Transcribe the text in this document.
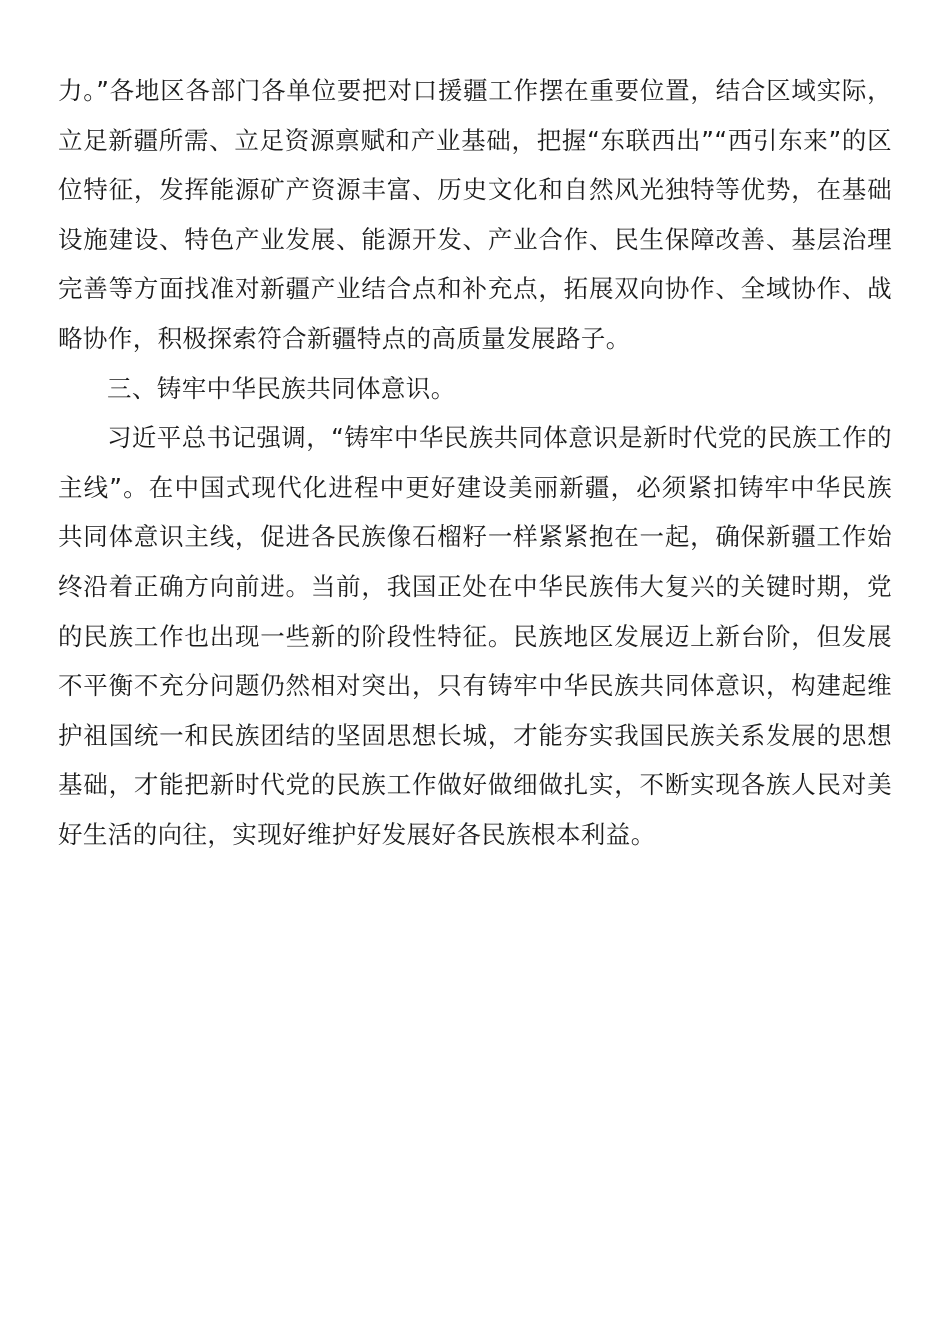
力。”各地区各部门各单位要把对口援疆工作摆在重要位置，结合区域实际，立足新疆所需、立足资源禀赋和产业基础，把握“东联西出”“西引东来”的区位特征，发挥能源矿产资源丰富、历史文化和自然风光独特等优势，在基础设施建设、特色产业发展、能源开发、产业合作、民生保障改善、基层治理完善等方面找准对新疆产业结合点和补充点，拓展双向协作、全域协作、战略协作，积极探索符合新疆特点的高质量发展路子。

三、铸牢中华民族共同体意识。

习近平总书记强调，“铸牢中华民族共同体意识是新时代党的民族工作的主线”。在中国式现代化进程中更好建设美丽新疆，必须紧扣铸牢中华民族共同体意识主线，促进各民族像石榴籽一样紧紧抱在一起，确保新疆工作始终沿着正确方向前进。当前，我国正处在中华民族伟大复兴的关键时期，党的民族工作也出现一些新的阶段性特征。民族地区发展迈上新台阶，但发展不平衡不充分问题仍然相对突出，只有铸牢中华民族共同体意识，构建起维护祖国统一和民族团结的坚固思想长城，才能夯实我国民族关系发展的思想基础，才能把新时代党的民族工作做好做细做扎实，不断实现各族人民对美好生活的向往，实现好维护好发展好各民族根本利益。
